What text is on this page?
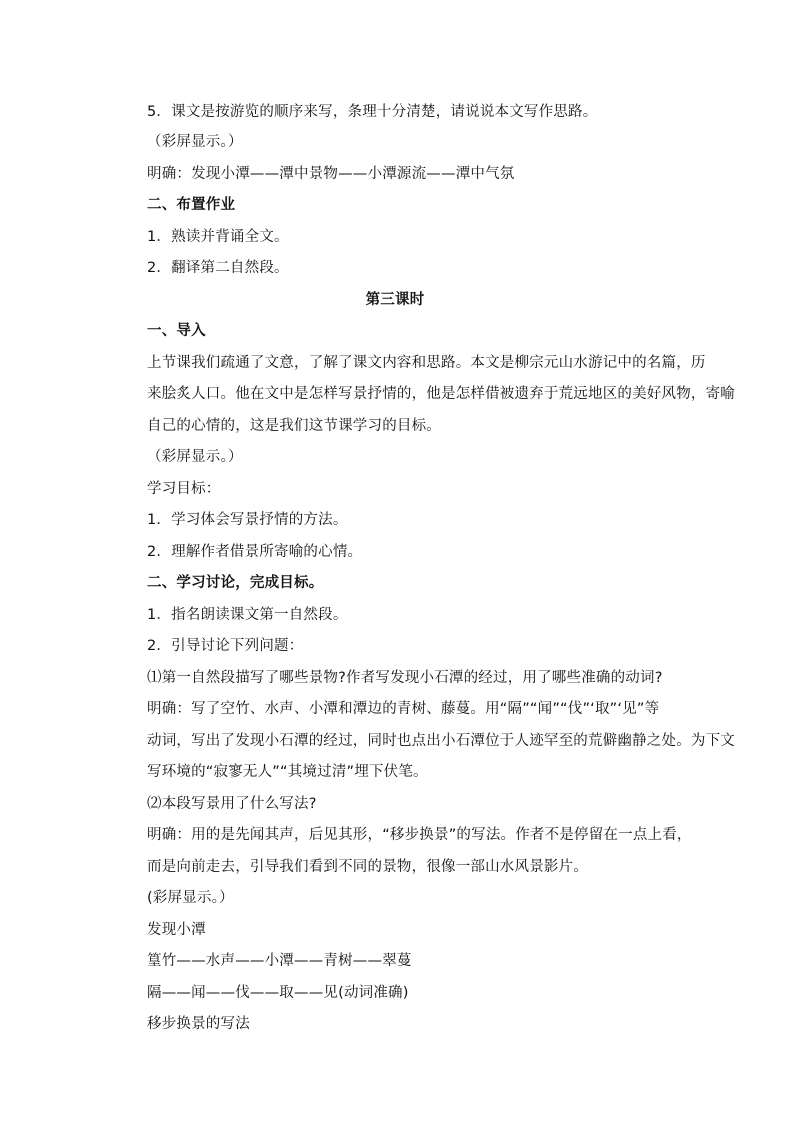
5．课文是按游览的顺序来写，条理十分清楚，请说说本文写作思路。
（彩屏显示。）
明确：发现小潭——潭中景物——小潭源流——潭中气氛
二、布置作业
1．熟读并背诵全文。
2．翻译第二自然段。
第三课时
一、导入
上节课我们疏通了文意，了解了课文内容和思路。本文是柳宗元山水游记中的名篇，历
来脍炙人口。他在文中是怎样写景抒情的，他是怎样借被遗弃于荒远地区的美好风物，寄喻
自己的心情的，这是我们这节课学习的目标。
（彩屏显示。）
学习目标：
1．学习体会写景抒情的方法。
2．理解作者借景所寄喻的心情。
二、学习讨论，完成目标。
1．指名朗读课文第一自然段。
2．引导讨论下列问题：
⑴第一自然段描写了哪些景物?作者写发现小石潭的经过，用了哪些准确的动词?
明确：写了空竹、水声、小潭和潭边的青树、藤蔓。用“隔”“闻”“伐”‘取”‘见”等
动词，写出了发现小石潭的经过，同时也点出小石潭位于人迹罕至的荒僻幽静之处。为下文
写环境的“寂寥无人”“其境过清”埋下伏笔。
⑵本段写景用了什么写法?
明确：用的是先闻其声，后见其形，“移步换景”的写法。作者不是停留在一点上看，
而是向前走去，引导我们看到不同的景物，很像一部山水风景影片。
(彩屏显示。）
发现小潭
篁竹——水声——小潭——青树——翠蔓
隔——闻——伐——取——见(动词准确)
移步换景的写法
